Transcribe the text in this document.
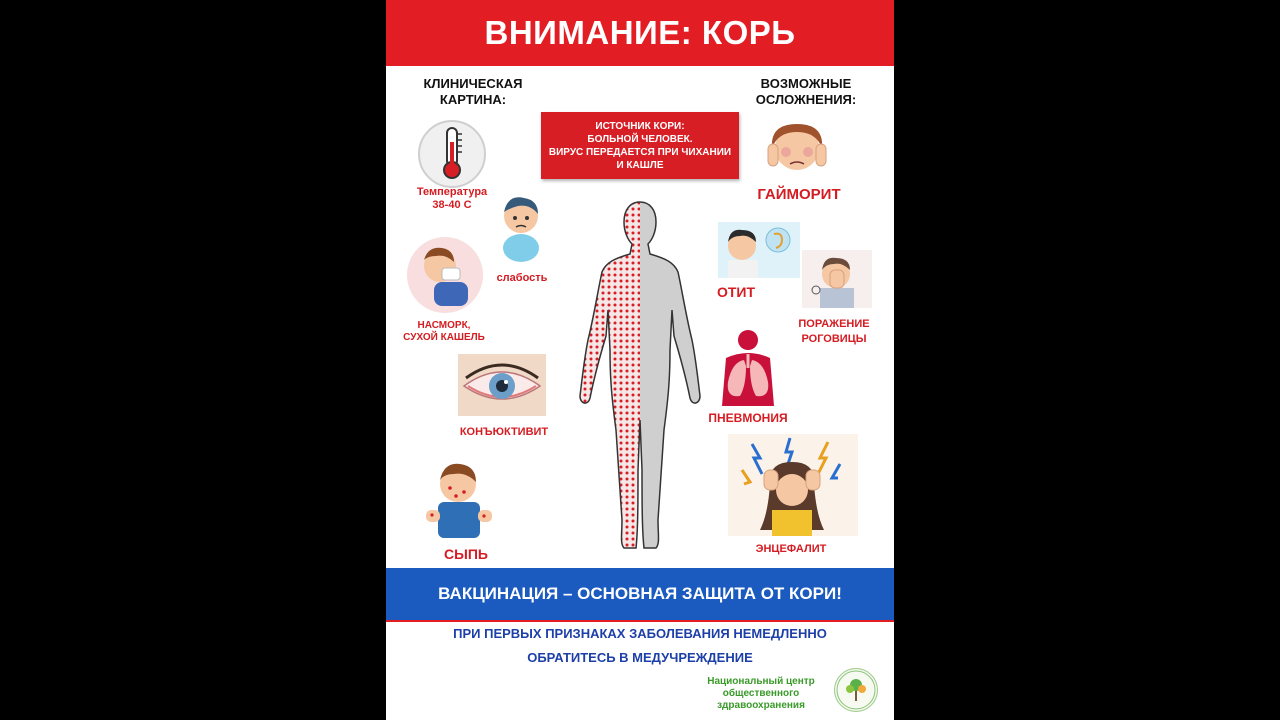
ВНИМАНИЕ: КОРЬ
КЛИНИЧЕСКАЯ
КАРТИНА:
ВОЗМОЖНЫЕ
ОСЛОЖНЕНИЯ:
ИСТОЧНИК КОРИ:
БОЛЬНОЙ ЧЕЛОВЕК.
ВИРУС ПЕРЕДАЕТСЯ ПРИ ЧИХАНИИ
И КАШЛЕ
Температура
38-40 С
слабость
НАСМОРК,
СУХОЙ КАШЕЛЬ
КОНЪЮКТИВИТ
СЫПЬ
ГАЙМОРИТ
ОТИТ
ПОРАЖЕНИЕ
РОГОВИЦЫ
ПНЕВМОНИЯ
ЭНЦЕФАЛИТ
ВАКЦИНАЦИЯ – ОСНОВНАЯ ЗАЩИТА ОТ КОРИ!
ПРИ ПЕРВЫХ ПРИЗНАКАХ ЗАБОЛЕВАНИЯ НЕМЕДЛЕННО
ОБРАТИТЕСЬ В МЕДУЧРЕЖДЕНИЕ
Национальный центр
общественного
здравоохранения
